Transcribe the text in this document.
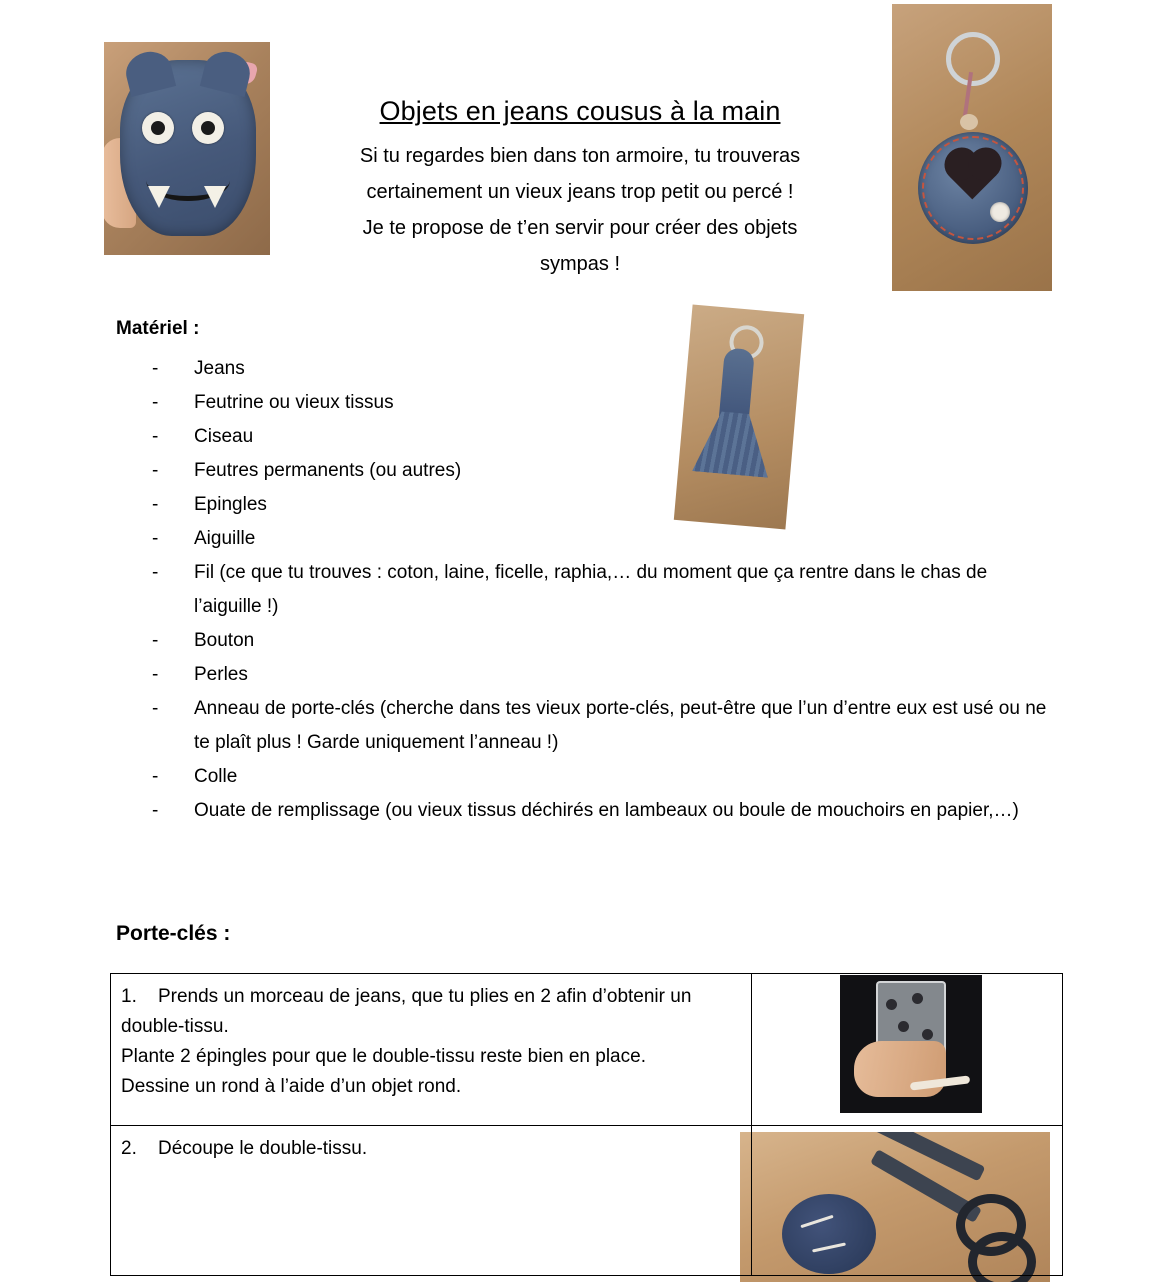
Objets en jeans cousus à la main
Si tu regardes bien dans ton armoire, tu trouveras
certainement un vieux jeans trop petit ou percé !
Je te propose de t’en servir pour créer des objets
sympas !
Matériel :
-	Jeans
-	Feutrine ou vieux tissus
-	Ciseau
-	Feutres permanents (ou autres)
-	Epingles
-	Aiguille
-	Fil (ce que tu trouves : coton, laine, ficelle, raphia,… du moment que ça rentre dans le chas de l’aiguille !)
-	Bouton
-	Perles
-	Anneau de porte-clés (cherche dans tes vieux porte-clés, peut-être que l’un d’entre eux est usé ou ne te plaît plus ! Garde uniquement l’anneau !)
-	Colle
-	Ouate de remplissage (ou vieux tissus déchirés en lambeaux ou boule de mouchoirs en papier,…)
Porte-clés :
1. Prends un morceau de jeans, que tu plies en 2 afin d’obtenir un double-tissu.
Plante 2 épingles pour que le double-tissu reste bien en place.
Dessine un rond à l’aide d’un objet rond.	

2. Découpe le double-tissu.	
